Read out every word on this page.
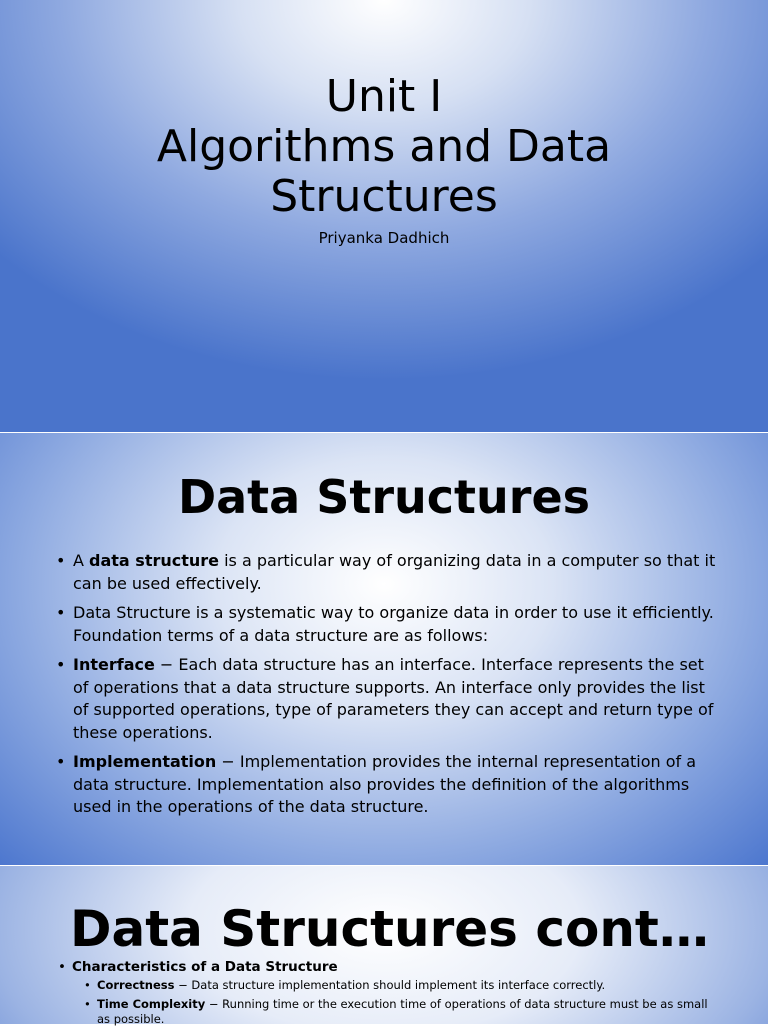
Unit I
Algorithms and Data
Structures
Priyanka Dadhich
Data Structures
• A data structure is a particular way of organizing data in a computer so that it can be used effectively.
• Data Structure is a systematic way to organize data in order to use it efficiently. Foundation terms of a data structure are as follows:
• Interface − Each data structure has an interface. Interface represents the set of operations that a data structure supports. An interface only provides the list of supported operations, type of parameters they can accept and return type of these operations.
• Implementation − Implementation provides the internal representation of a data structure. Implementation also provides the definition of the algorithms used in the operations of the data structure.
Data Structures cont…
• Characteristics of a Data Structure
• Correctness − Data structure implementation should implement its interface correctly.
• Time Complexity − Running time or the execution time of operations of data structure must be as small as possible.
